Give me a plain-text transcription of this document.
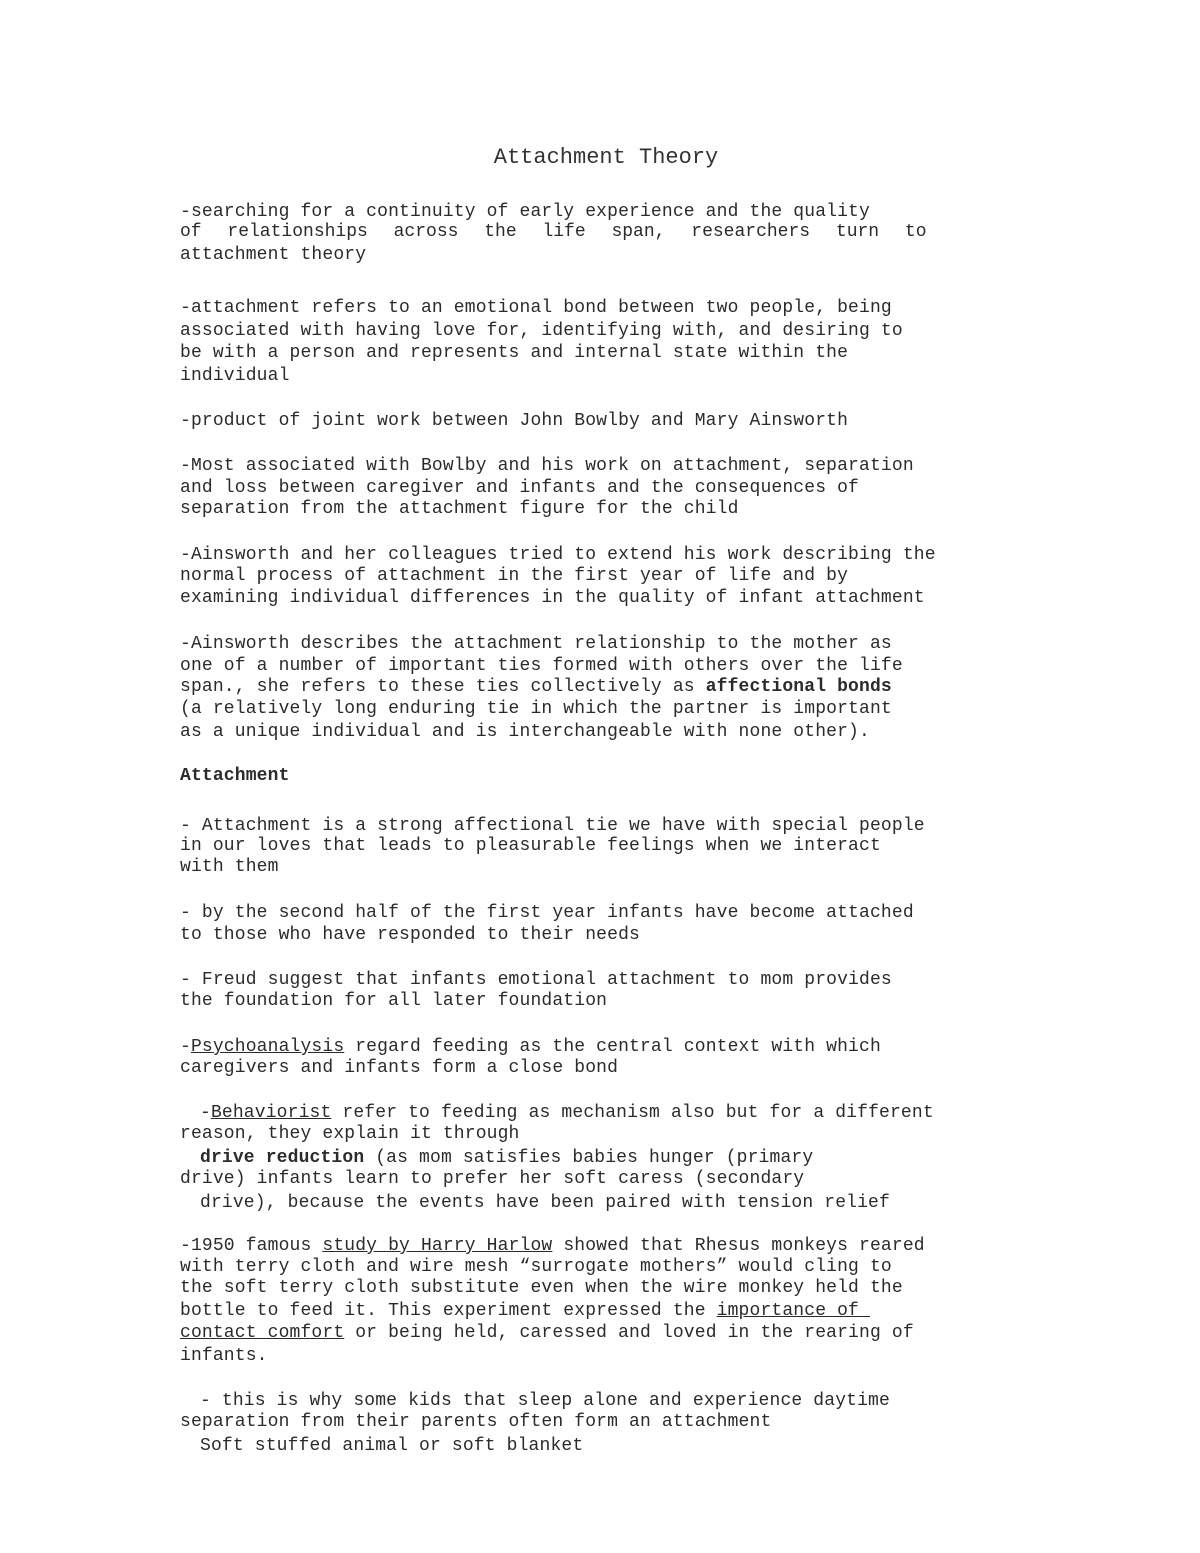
Attachment Theory
-searching for a continuity of early experience and the quality
of relationships across the life span, researchers turn to
attachment theory
-attachment refers to an emotional bond between two people, being
associated with having love for, identifying with, and desiring to
be with a person and represents and internal state within the
individual
-product of joint work between John Bowlby and Mary Ainsworth
-Most associated with Bowlby and his work on attachment, separation
and loss between caregiver and infants and the consequences of
separation from the attachment figure for the child
-Ainsworth and her colleagues tried to extend his work describing the
normal process of attachment in the first year of life and by
examining individual differences in the quality of infant attachment
-Ainsworth describes the attachment relationship to the mother as
one of a number of important ties formed with others over the life
span., she refers to these ties collectively as affectional bonds
(a relatively long enduring tie in which the partner is important
as a unique individual and is interchangeable with none other).
Attachment
- Attachment is a strong affectional tie we have with special people
in our loves that leads to pleasurable feelings when we interact
with them
- by the second half of the first year infants have become attached
to those who have responded to their needs
- Freud suggest that infants emotional attachment to mom provides
the foundation for all later foundation
-Psychoanalysis regard feeding as the central context with which
caregivers and infants form a close bond
-Behaviorist refer to feeding as mechanism also but for a different
reason, they explain it through
drive reduction (as mom satisfies babies hunger (primary
drive) infants learn to prefer her soft caress (secondary
drive), because the events have been paired with tension relief
-1950 famous study by Harry Harlow showed that Rhesus monkeys reared
with terry cloth and wire mesh “surrogate mothers” would cling to
the soft terry cloth substitute even when the wire monkey held the
bottle to feed it. This experiment expressed the importance of
contact comfort or being held, caressed and loved in the rearing of
infants.
- this is why some kids that sleep alone and experience daytime
separation from their parents often form an attachment
Soft stuffed animal or soft blanket
